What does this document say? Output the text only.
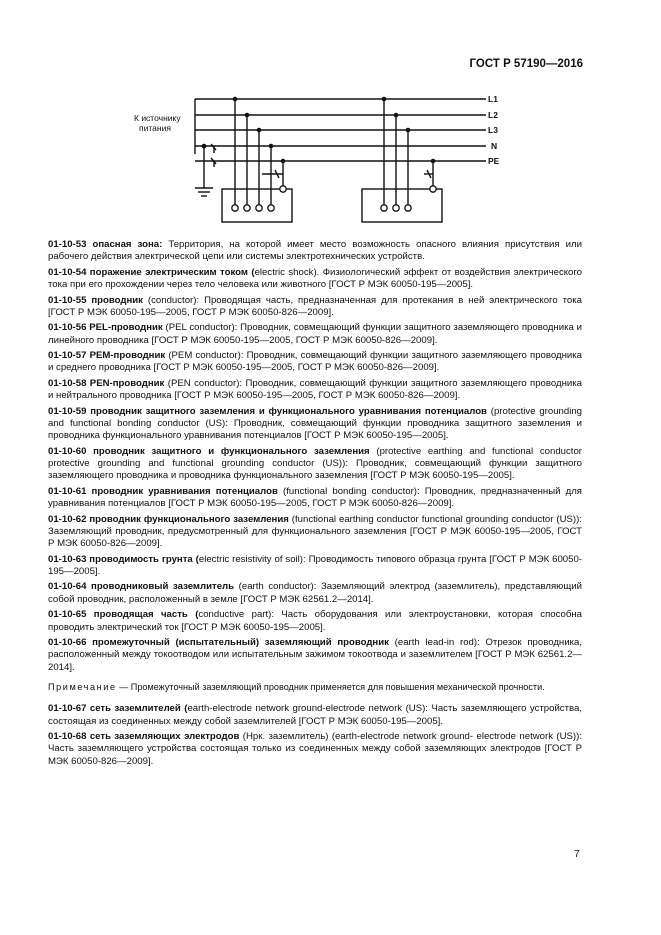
ГОСТ Р 57190—2016
К источнику
питания
L1
L2
L3
N
PE
01-10-53 опасная зона: Территория, на которой имеет место возможность опасного влияния присутствия или рабочего действия электрической цепи или системы электротехнических устройств.
01-10-54 поражение электрическим током (electric shock). Физиологический эффект от воздействия электрического тока при его прохождении через тело человека или животного [ГОСТ Р МЭК 60050-195—2005].
01-10-55 проводник (conductor): Проводящая часть, предназначенная для протекания в ней электрического тока [ГОСТ Р МЭК 60050-195—2005, ГОСТ Р МЭК 60050-826—2009].
01-10-56 PEL-проводник (PEL conductor): Проводник, совмещающий функции защитного заземляющего проводника и линейного проводника [ГОСТ Р МЭК 60050-195—2005, ГОСТ Р МЭК 60050-826—2009].
01-10-57 PEM-проводник (PEM conductor): Проводник, совмещающий функции защитного заземляющего проводника и среднего проводника [ГОСТ Р МЭК 60050-195—2005, ГОСТ Р МЭК 60050-826—2009].
01-10-58 PEN-проводник (PEN conductor): Проводник, совмещающий функции защитного заземляющего проводника и нейтрального проводника [ГОСТ Р МЭК 60050-195—2005, ГОСТ Р МЭК 60050-826—2009].
01-10-59 проводник защитного заземления и функционального уравнивания потенциалов (protective grounding and functional bonding conductor (US): Проводник, совмещающий функции проводника защитного заземления и проводника функционального уравнивания потенциалов [ГОСТ Р МЭК 60050-195—2005].
01-10-60 проводник защитного и функционального заземления (protective earthing and functional conductor protective grounding and functional grounding conductor (US)): Проводник, совмещающий функции защитного заземляющего проводника и проводника функционального заземления [ГОСТ Р МЭК 60050-195—2005].
01-10-61 проводник уравнивания потенциалов (functional bonding conductor): Проводник, предназначенный для уравнивания потенциалов [ГОСТ Р МЭК 60050-195—2005, ГОСТ Р МЭК 60050-826—2009].
01-10-62 проводник функционального заземления (functional earthing conductor functional grounding conductor (US)): Заземляющий проводник, предусмотренный для функционального заземления [ГОСТ Р МЭК 60050-195—2005, ГОСТ Р МЭК 60050-826—2009].
01-10-63 проводимость грунта (electric resistivity of soil): Проводимость типового образца грунта [ГОСТ Р МЭК 60050-195—2005].
01-10-64 проводниковый заземлитель (earth conductor): Заземляющий электрод (заземлитель), представляющий собой проводник, расположенный в земле [ГОСТ Р МЭК 62561.2—2014].
01-10-65 проводящая часть (conductive part): Часть оборудования или электроустановки, которая способна проводить электрический ток [ГОСТ Р МЭК 60050-195—2005].
01-10-66 промежуточный (испытательный) заземляющий проводник (earth lead-in rod): Отрезок проводника, расположенный между токоотводом или испытательным зажимом токоотвода и заземлителем [ГОСТ Р МЭК 62561.2—2014].
Примечание — Промежуточный заземляющий проводник применяется для повышения механической прочности.
01-10-67 сеть заземлителей (earth-electrode network ground-electrode network (US): Часть заземляющего устройства, состоящая из соединенных между собой заземлителей [ГОСТ Р МЭК 60050-195—2005].
01-10-68 сеть заземляющих электродов (Нрк. заземлитель) (earth-electrode network ground- electrode network (US)): Часть заземляющего устройства состоящая только из соединенных между собой заземляющих электродов [ГОСТ Р МЭК 60050-826—2009].
7
